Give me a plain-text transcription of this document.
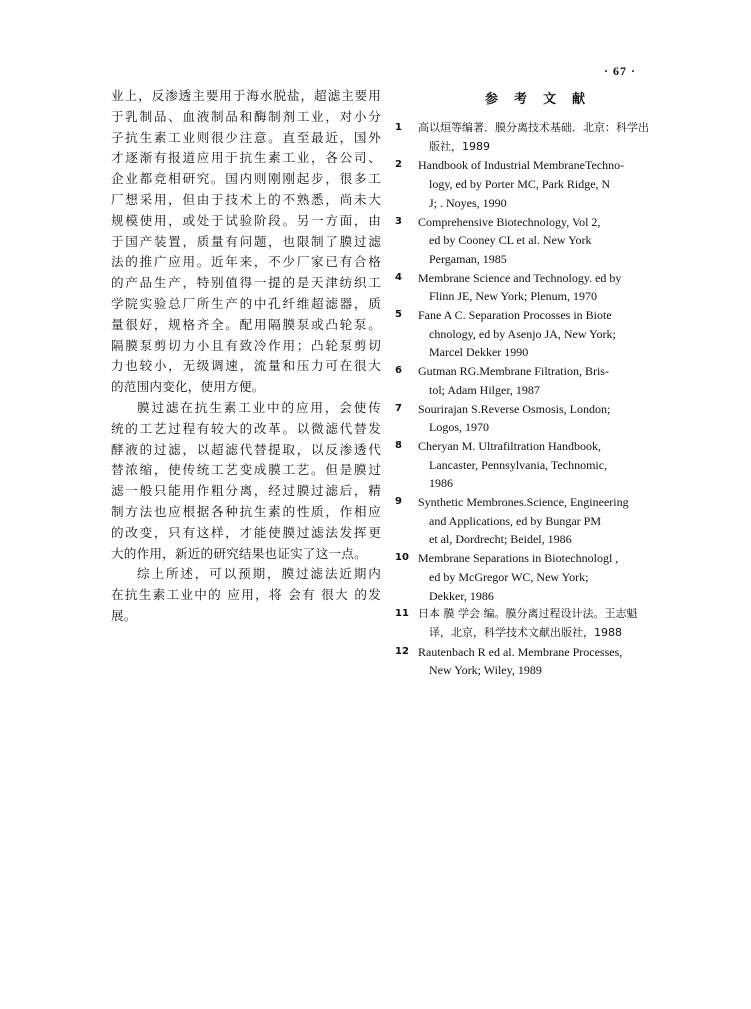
· 67 ·
业上，反渗透主要用于海水脱盐，超滤主要用
于乳制品、血液制品和酶制剂工业，对小分
子抗生素工业则很少注意。直至最近，国外
才逐渐有报道应用于抗生素工业，各公司、
企业都竞相研究。国内则刚刚起步，很多工
厂想采用，但由于技术上的不熟悉，尚未大
规模使用，或处于试验阶段。另一方面，由
于国产装置，质量有问题，也限制了膜过滤
法的推广应用。近年来，不少厂家已有合格
的产品生产，特别值得一提的是天津纺织工
学院实验总厂所生产的中孔纤维超滤器，质
量很好，规格齐全。配用隔膜泵或凸轮泵。
隔膜泵剪切力小且有致冷作用；凸轮泵剪切
力也较小，无级调速，流量和压力可在很大
的范围内变化，使用方便。
膜过滤在抗生素工业中的应用，会使传
统的工艺过程有较大的改革。以微滤代替发
酵液的过滤，以超滤代替提取，以反渗透代
替浓缩，使传统工艺变成膜工艺。但是膜过
滤一般只能用作粗分离，经过膜过滤后，精
制方法也应根据各种抗生素的性质，作相应
的改变，只有这样，才能使膜过滤法发挥更
大的作用，新近的研究结果也证实了这一点。
综上所述，可以预期，膜过滤法近期内
在抗生素工业中的 应用，将 会有 很大 的发
展。
参考文献
1 高以烜等编著．膜分离技术基础．北京：科学出
版社，1989
2 Handbook of Industrial MembraneTechno-
logy, ed by Porter MC, Park Ridge, N
J; . Noyes, 1990
3 Comprehensive Biotechnology, Vol 2,
ed by Cooney CL et al. New York
Pergaman, 1985
4 Membrane Science and Technology. ed by
Flinn JE, New York; Plenum, 1970
5 Fane A C. Separation Procosses in Biote
chnology, ed by Asenjo JA, New York;
Marcel Dekker 1990
6 Gutman RG.Membrane Filtration, Bris-
tol; Adam Hilger, 1987
7 Sourirajan S.Reverse Osmosis, London;
Logos, 1970
8 Cheryan M. Ultrafiltration Handbook,
Lancaster, Pennsylvania, Technomic,
1986
9 Synthetic Membrones.Science, Engineering
and Applications, ed by Bungar PM
et al, Dordrecht; Beidel, 1986
10 Membrane Separations in Biotechnologl ,
ed by McGregor WC, New York;
Dekker, 1986
11 日本 膜 学会 编。膜分离过程设计法。王志魁
译，北京，科学技术文献出版社，1988
12 Rautenbach R ed al. Membrane Processes,
New York; Wiley, 1989
